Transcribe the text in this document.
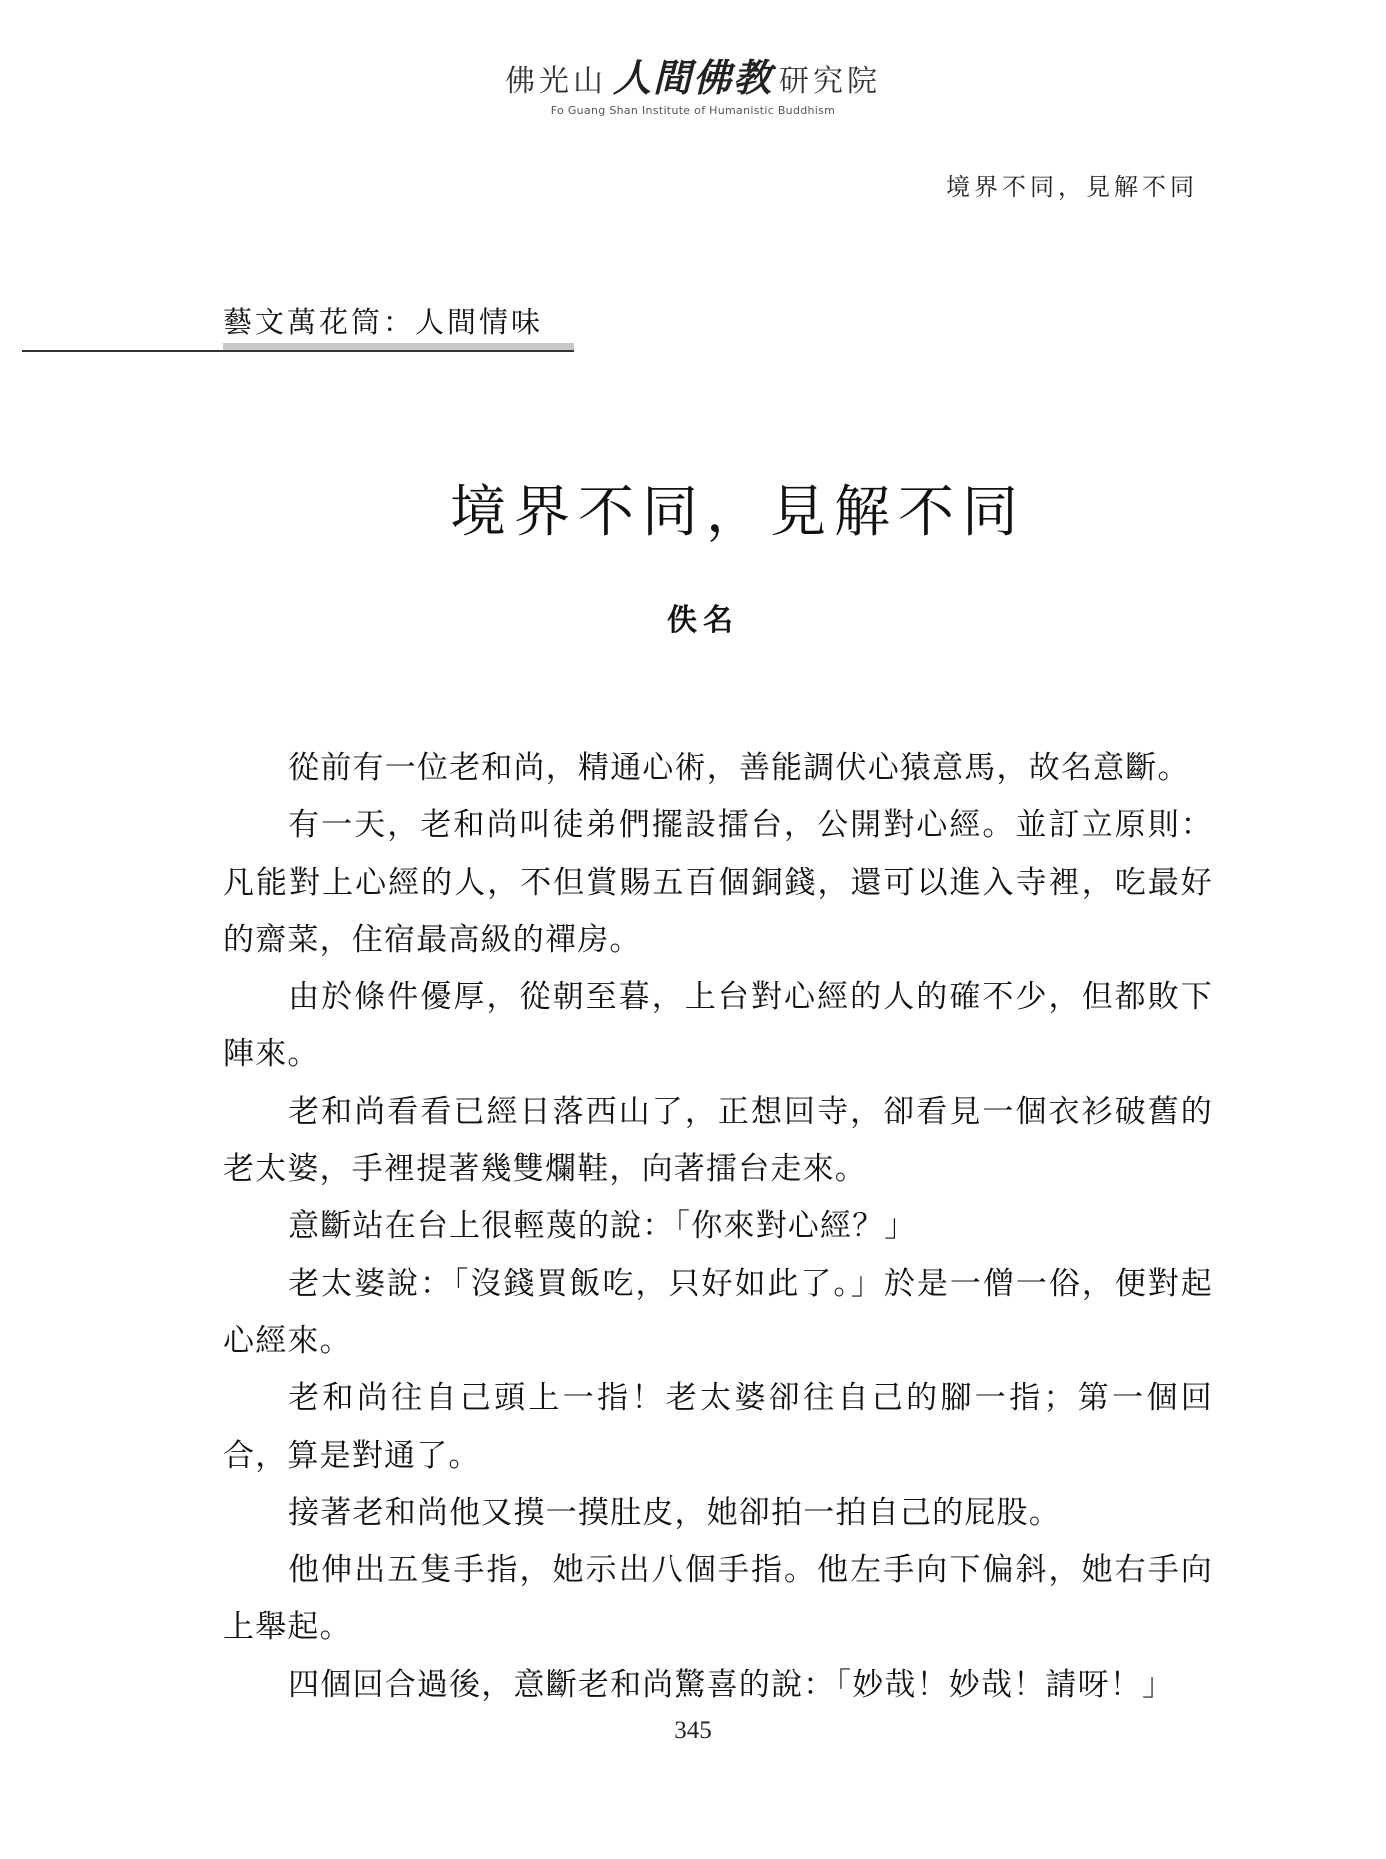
佛光山 人間佛教 研究院
Fo Guang Shan Institute of Humanistic Buddhism
境界不同，見解不同
藝文萬花筒：人間情味
境界不同，見解不同
佚名

從前有一位老和尚，精通心術，善能調伏心猿意馬，故名意斷。

有一天，老和尚叫徒弟們擺設擂台，公開對心經。並訂立原則：凡能對上心經的人，不但賞賜五百個銅錢，還可以進入寺裡，吃最好的齋菜，住宿最高級的禪房。

由於條件優厚，從朝至暮，上台對心經的人的確不少，但都敗下陣來。

老和尚看看已經日落西山了，正想回寺，卻看見一個衣衫破舊的老太婆，手裡提著幾雙爛鞋，向著擂台走來。

意斷站在台上很輕蔑的說：「你來對心經？」

老太婆說：「沒錢買飯吃，只好如此了。」於是一僧一俗，便對起心經來。

老和尚往自己頭上一指！老太婆卻往自己的腳一指；第一個回合，算是對通了。

接著老和尚他又摸一摸肚皮，她卻拍一拍自己的屁股。

他伸出五隻手指，她示出八個手指。他左手向下偏斜，她右手向上舉起。

四個回合過後，意斷老和尚驚喜的說：「妙哉！妙哉！請呀！」

345
